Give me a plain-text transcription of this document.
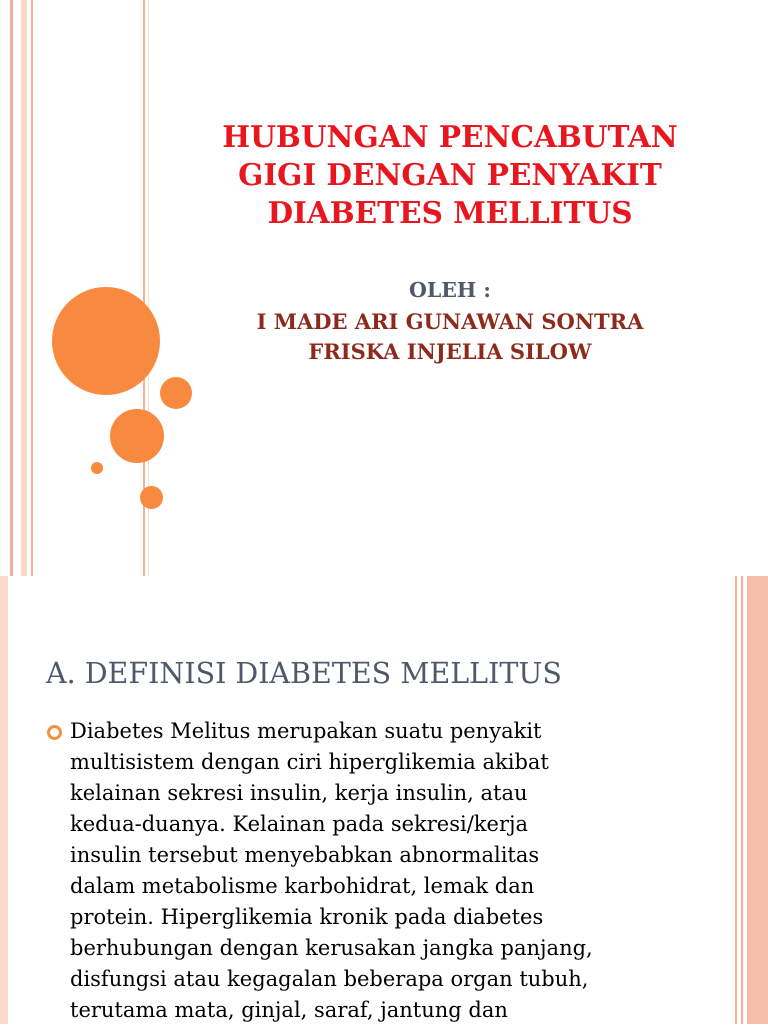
HUBUNGAN PENCABUTAN
GIGI DENGAN PENYAKIT
DIABETES MELLITUS
OLEH :
I MADE ARI GUNAWAN SONTRA
FRISKA INJELIA SILOW
A. DEFINISI DIABETES MELLITUS
Diabetes Melitus merupakan suatu penyakit
multisistem dengan ciri hiperglikemia akibat
kelainan sekresi insulin, kerja insulin, atau
kedua-duanya. Kelainan pada sekresi/kerja
insulin tersebut menyebabkan abnormalitas
dalam metabolisme karbohidrat, lemak dan
protein. Hiperglikemia kronik pada diabetes
berhubungan dengan kerusakan jangka panjang,
disfungsi atau kegagalan beberapa organ tubuh,
terutama mata, ginjal, saraf, jantung dan
